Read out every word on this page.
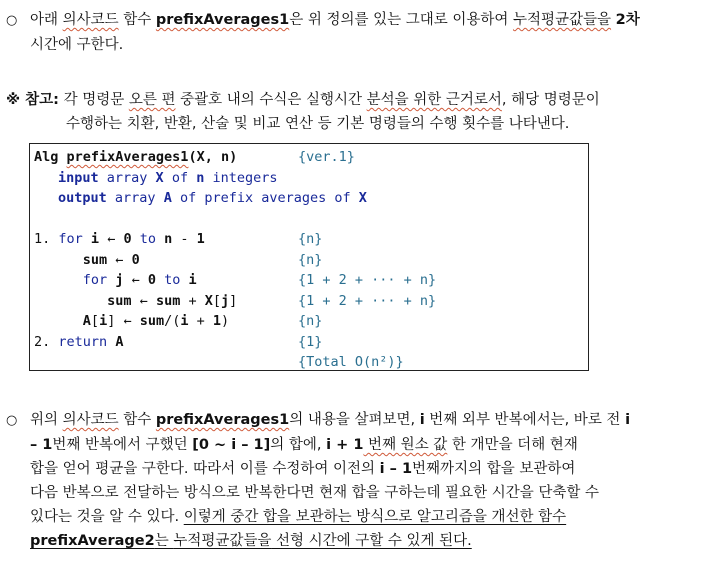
○ 아래 의사코드 함수 prefixAverages1은 위 정의를 있는 그대로 이용하여 누적평균값들을 2차
시간에 구한다.
※ 참고: 각 명령문 오른 편 중괄호 내의 수식은 실행시간 분석을 위한 근거로서, 해당 명령문이
수행하는 치환, 반환, 산술 및 비교 연산 등 기본 명령들의 수행 횟수를 나타낸다.
Alg prefixAverages1(X, n)	{ver.1}
input array X of n integers
output array A of prefix averages of X
1. for i ← 0 to n - 1
sum ← 0
for j ← 0 to i
sum ← sum + X[j]
A[i] ← sum/(i + 1)
2. return A
{n}
{n}
{1 + 2 + ··· + n}
{1 + 2 + ··· + n}
{n}
{1}
{Total O(n²)}
○ 위의 의사코드 함수 prefixAverages1의 내용을 살펴보면, i 번째 외부 반복에서는, 바로 전 i
– 1번째 반복에서 구했던 [0 ~ i – 1]의 합에, i + 1 번째 원소 값 한 개만을 더해 현재
합을 얻어 평균을 구한다. 따라서 이를 수정하여 이전의 i – 1번째까지의 합을 보관하여
다음 반복으로 전달하는 방식으로 반복한다면 현재 합을 구하는데 필요한 시간을 단축할 수
있다는 것을 알 수 있다. 이렇게 중간 합을 보관하는 방식으로 알고리즘을 개선한 함수
prefixAverage2는 누적평균값들을 선형 시간에 구할 수 있게 된다.
